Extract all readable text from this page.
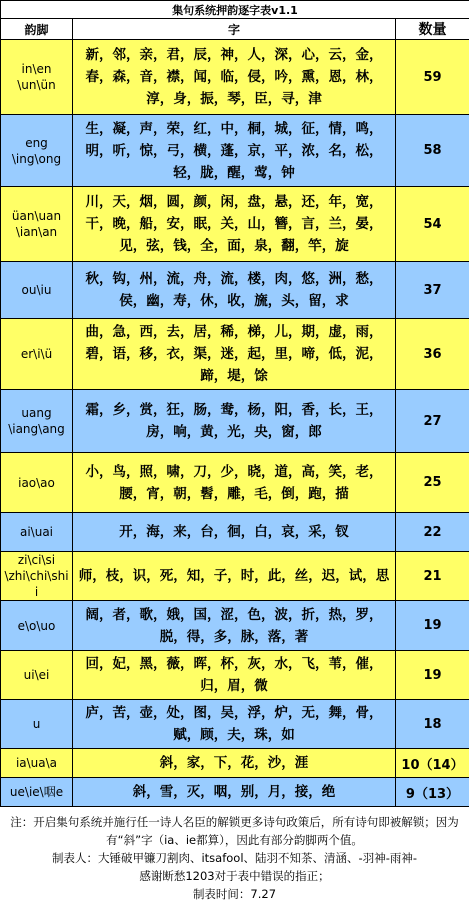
集句系统押韵逐字表v1.1		
韵脚	字	数量
in\en
\un\ün	新，邻，亲，君，辰，神，人，深，心，云，金，春，森，音，襟，闻，临，侵，吟，熏，恩，林，淳，身，振，琴，臣，寻，津	59
eng
\ing\ong	生，凝，声，荣，红，中，桐，城，征，情，鸣，明，听，惊，弓，横，蓬，京，平，浓，名，松，轻，胧，醒，莺，钟	58
üan\uan
\ian\an	川，天，烟，圆，颜，闲，盘，悬，还，年，宽，干，晚，船，安，眠，关，山，簪，言，兰，晏，见，弦，钱，全，面，泉，翻，竿，旋	54
ou\iu	秋，钩，州，流，舟，流，楼，肉，悠，洲，愁，侯，幽，寿，休，收，旒，头，留，求	37
er\i\ü	曲，急，西，去，居，稀，梯，儿，期，虚，雨，碧，语，移，衣，渠，迷，起，里，啼，低，泥，蹄，堤，馀	36
uang
\iang\ang	霜，乡，赏，狂，肠，鸯，杨，阳，香，长，王，房，响，黄，光，央，窗，郎	27
iao\ao	小，鸟，照，啸，刀，少，晓，道，高，笑，老，腰，宵，朝，髫，雕，毛，倒，跑，描	25
ai\uai	开，海，来，台，徊，白，哀，采，钗	22
zi\ci\si
\zhi\chi\shi
i	师，枝，识，死，知，子，时，此，丝，迟，试，思	21
e\o\uo	阔，者，歌，娥，国，涩，色，波，折，热，罗，脱，得，多，脉，落，著	19
ui\ei	回，妃，黑，薇，晖，杯，灰，水，飞，苇，催，归，眉，微	19
u	庐，苦，壶，处，图，吴，浮，炉，无，舞，骨，赋，顾，夫，珠，如	18
ia\ua\a	斜，家，下，花，沙，涯	10（14）
ue\ie\咽e	斜，雪，灭，咽，别，月，接，绝	9（13）
注：开启集句系统并施行任一诗人名臣的解锁更多诗句政策后，所有诗句即被解锁；因为有“斜”字（ia、ie都算），因此有部分韵脚两个值。
制表人：大锤破甲镰刀割肉、itsafool、陆羽不知茶、清涵、-羽神-雨神-
感谢断愁1203对于表中错误的指正；
制表时间：7.27
